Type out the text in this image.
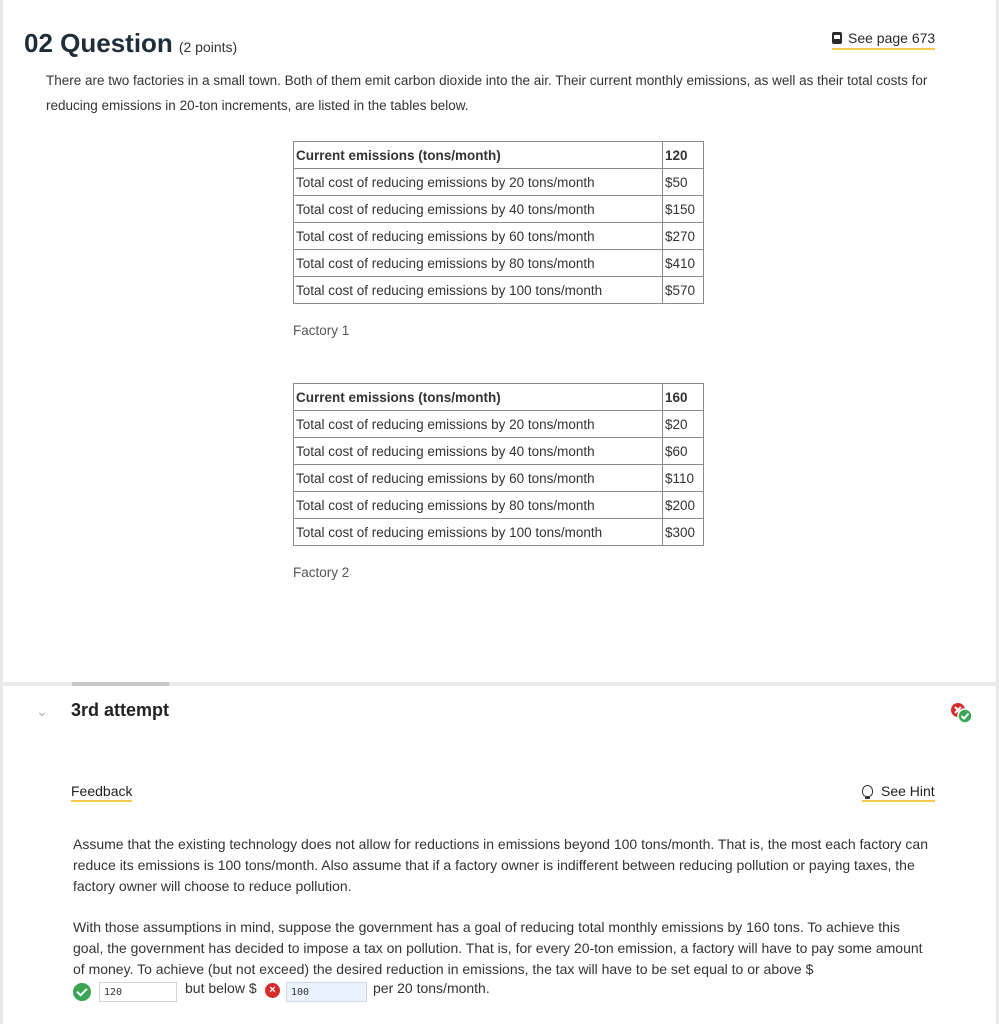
02 Question (2 points)
See page 673
There are two factories in a small town. Both of them emit carbon dioxide into the air. Their current monthly emissions, as well as their total costs for
reducing emissions in 20-ton increments, are listed in the tables below.
Current emissions (tons/month)	120
Total cost of reducing emissions by 20 tons/month	$50
Total cost of reducing emissions by 40 tons/month	$150
Total cost of reducing emissions by 60 tons/month	$270
Total cost of reducing emissions by 80 tons/month	$410
Total cost of reducing emissions by 100 tons/month	$570
Factory 1
Current emissions (tons/month)	160
Total cost of reducing emissions by 20 tons/month	$20
Total cost of reducing emissions by 40 tons/month	$60
Total cost of reducing emissions by 60 tons/month	$110
Total cost of reducing emissions by 80 tons/month	$200
Total cost of reducing emissions by 100 tons/month	$300
Factory 2
⌄ 3rd attempt
Feedback	See Hint
Assume that the existing technology does not allow for reductions in emissions beyond 100 tons/month. That is, the most each factory can reduce its emissions is 100 tons/month. Also assume that if a factory owner is indifferent between reducing pollution or paying taxes, the factory owner will choose to reduce pollution.
With those assumptions in mind, suppose the government has a goal of reducing total monthly emissions by 160 tons. To achieve this goal, the government has decided to impose a tax on pollution. That is, for every 20-ton emission, a factory will have to pay some amount of money. To achieve (but not exceed) the desired reduction in emissions, the tax will have to be set equal to or above $
120	but below $	×	100	per 20 tons/month.
